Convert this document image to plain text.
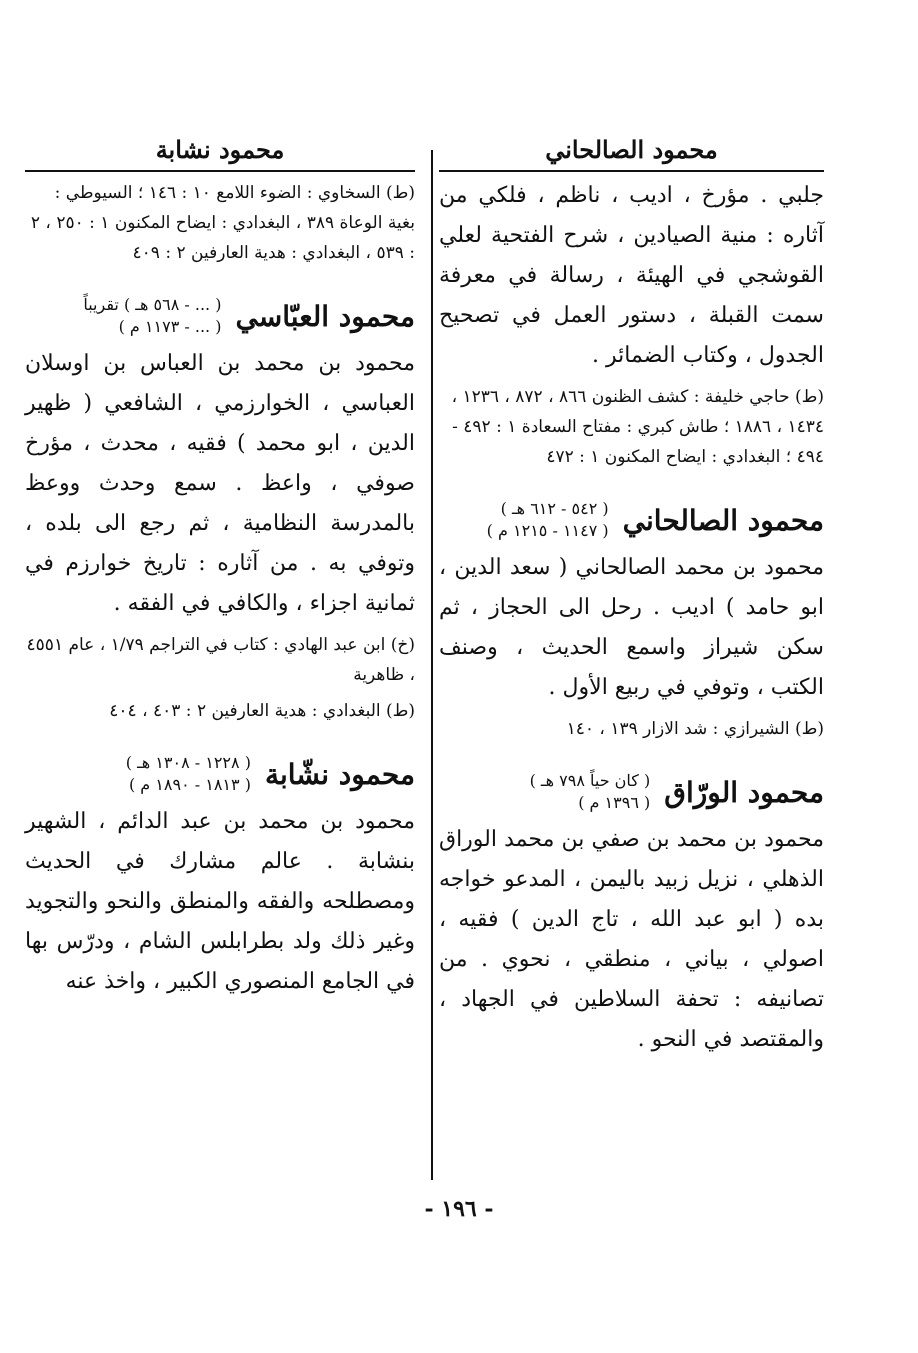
محمود الصالحاني

جلبي . مؤرخ ، اديب ، ناظم ، فلكي من آثاره : منية الصيادين ، شرح الفتحية لعلي القوشجي في الهيئة ، رسالة في معرفة سمت القبلة ، دستور العمل في تصحيح الجدول ، وكتاب الضمائر .

(ط) حاجي خليفة : كشف الظنون ٨٦٦ ، ٨٧٢ ، ١٢٣٦ ، ١٤٣٤ ، ١٨٨٦ ؛ طاش كبري : مفتاح السعادة ١ : ٤٩٢ - ٤٩٤ ؛ البغدادي : ايضاح المكنون ١ : ٤٧٢

محمود الصالحاني
( ٥٤٢ - ٦١٢ هـ )
( ١١٤٧ - ١٢١٥ م )

محمود بن محمد الصالحاني ( سعد الدين ، ابو حامد ) اديب . رحل الى الحجاز ، ثم سكن شيراز واسمع الحديث ، وصنف الكتب ، وتوفي في ربيع الأول .

(ط) الشيرازي : شد الازار ١٣٩ ، ١٤٠

محمود الورّاق
( كان حياً ٧٩٨ هـ )
( ١٣٩٦ م )

محمود بن محمد بن صفي بن محمد الوراق الذهلي ، نزيل زبيد باليمن ، المدعو خواجه بده ( ابو عبد الله ، تاج الدين ) فقيه ، اصولي ، بياني ، منطقي ، نحوي . من تصانيفه : تحفة السلاطين في الجهاد ، والمقتصد في النحو .

محمود نشابة

(ط) السخاوي : الضوء اللامع ١٠ : ١٤٦ ؛ السيوطي : بغية الوعاة ٣٨٩ ، البغدادي : ايضاح المكنون ١ : ٢٥٠ ، ٢ : ٥٣٩ ، البغدادي : هدية العارفين ٢ : ٤٠٩

محمود العبّاسي
( ... - ٥٦٨ هـ ) تقريباً
( ... - ١١٧٣ م )

محمود بن محمد بن العباس بن اوسلان العباسي ، الخوارزمي ، الشافعي ( ظهير الدين ، ابو محمد ) فقيه ، محدث ، مؤرخ صوفي ، واعظ . سمع وحدث ووعظ بالمدرسة النظامية ، ثم رجع الى بلده ، وتوفي به . من آثاره : تاريخ خوارزم في ثمانية اجزاء ، والكافي في الفقه .

(خ) ابن عبد الهادي : كتاب في التراجم ١/٧٩ ، عام ٤٥٥١ ، ظاهرية

(ط) البغدادي : هدية العارفين ٢ : ٤٠٣ ، ٤٠٤

محمود نشّابة
( ١٢٢٨ - ١٣٠٨ هـ )
( ١٨١٣ - ١٨٩٠ م )

محمود بن محمد بن عبد الدائم ، الشهير بنشابة . عالم مشارك في الحديث ومصطلحه والفقه والمنطق والنحو والتجويد وغير ذلك ولد بطرابلس الشام ، ودرّس بها في الجامع المنصوري الكبير ، واخذ عنه

- ١٩٦ -
